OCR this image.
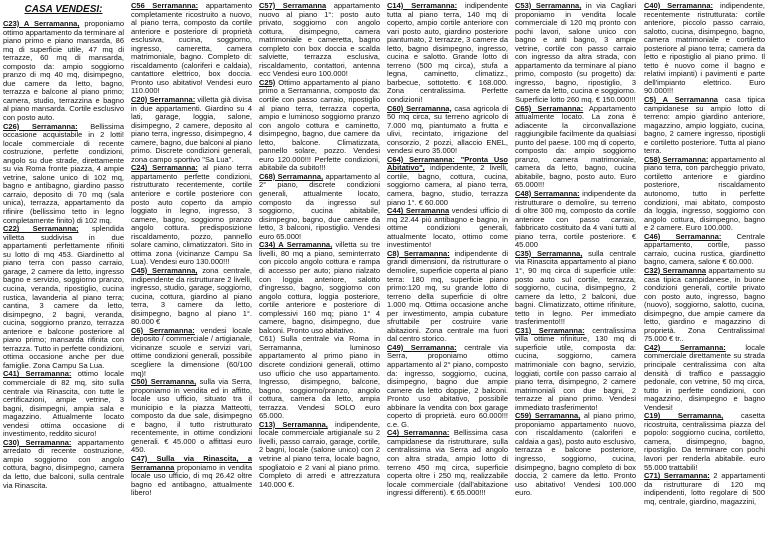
CASA VENDESI:

C23) A Serramanna, proponiamo ottimo appartamento da terminare al piano primo e piano mansarda, 86 mq di superficie utile, 47 mq di terrazze, 60 mq di mansarda, composto da: ampio soggiorno pranzo di mq 40 mq, disimpegno, due camere da letto, bagno, terrazza e balcone al piano primo; camera, studio, terrazzina e bagno al piano mansarda. Cortile esclusivo con posto auto.

C26) Serramanna: Bellissima occasione acquistabile in 2 lotti! locale commerciale di recente costruzione, perfette condizioni, angolo su due strade, direttamente su via Roma fronte piazza, 4 ampie vetrine, salone unico di 102 mq, bagno e antibagno, giardino passo carraio, deposito di 70 mq (sala unica), terrazza, appartamento da rifinire (bellissimo tetto in legno completamente finito) di 102 mq.

C22) Serramanna; splendida villetta suddivisa in due appartamenti perfettamente rifiniti su lotto di mq 453. Giardinetto al piano terra con passo carraio, garage, 2 camere da letto, ingresso bagno e servizio, soggiorno pranzo, cucina, veranda, ripostiglio, cucina rustica, lavanderia al piano terra; cantina, 3 camere da letto, disimpegno, 2 bagni, veranda, cucina, soggiorno pranzo, terrazza anteriore e balcone posteriore al piano primo; mansarda rifinita con terrazza. Tutto in perfette condizioni, ottima occasione anche per due famiglie. Zona Campu Sa Lua.

C41) Serramanna: ottimo locale commerciale di 82 mq, sito sulla centrale via Rinascita, con tutte le certificazioni, ampie vetrine, 3 bagni, disimpegni, ampia sala e magazzino. Attualmente locato vendesi ottima occasione di investimento, reddito sicuro!

C30) Serramanna: appartamento arredato di recente costruzione, ampio soggiorno con angolo cottura, bagno, disimpegno, camera da letto, due balconi, sulla centrale via Rinascita.

C56 Serramanna: appartamento completamente ricostruito a nuovo, al piano terra, composto da cortile anteriore e posteriore di proprietà esclusiva, cucina, soggiorno, ingresso, cameretta, camera matrimoniale, bagno. Completo di: riscaldamento (caloriferi e caldaia), cantattore elettrico, box doccia. Pronto uso abitativo! Vendesi euro 110.000!

C20) Serramanna: villetta già divisa in due appartamenti. Giardino su 4 lati, garage, loggia, salone, disimpegno, 2 camere, deposito al piano terra, ingresso, disimpegno, 4 camere, bagno, due balconi al piano primo. Discrete condizioni generali, zona campo sportivo "Sa Lua".

C24) Serramanna: al piano terra appartamento perfette condizioni, ristrutturato recentemente, cortile anteriore e cortile posteriore con posto auto coperto da ampio loggiato in legno, ingresso, 3 camere, bagno, soggiorno pranzo angolo cottura. predisposizione riscaldamento, pozzo, pannello solare camino, climatizzatori. Sito in ottima zona (vicinanze Campu Sa Lua). Vendesi euro 130.000!!!

C45) Serramanna, zona centrale, indipendente da ristrutturare 2 livelli, ingresso, studio, garage, soggiorno, cucina, cottura, giardino al piano terra, 3 camere da letto, disimpegno, bagno al piano 1°. 80.000 €

C6) Serramanna: vendesi locale deposito / commerciale / artigianale, vicinanze scuole e servizi vari, ottime condizioni generali, possibile scegliere la dimensione (60/100 mq)!

C50) Serramanna, sulla via Serra, proponiamo in vendita ed in affitto, locale uso ufficio, situato tra il municipio e la piazza Matteotti, composto da due sale, disimpegno e bagno, il tutto ristrutturato recentemente, in ottime condizioni generali. € 45.000 o affittasi euro 450.

C47) Sulla via Rinascita, a Serramanna proponiamo in vendita locale uso ufficio, di mq 26.42 oltre bagno ed antibagno, attualmente libero!

C57) Serramanna appartamento nuovo al piano 1°: posto auto privato, soggiorno con angolo cottura, disimpegno, camera matrimoniale e cameretta, bagno completo con box doccia e scalda salviette, terrazza esclusiva, riscaldamento, contattori, antenna ecc Vendesi euro 100.000!

C25) Ottimo appartamento al piano primo a Serramanna, composto da: cortile con passo carraio, ripostiglio al piano terra, terrazza coperta, ampio e luminoso soggiorno pranzo con angolo cottura e caminetto, disimpegno, bagno, due camere da letto, balcone. Climatizzata, pannello solare, pozzo. Vendesi euro 120.000!!! Perfette condizioni, abitabile da subito!!!

C68) Serramanna, appartamento al 2° piano, discrete condizioni generali, attualmente locato, composto da ingresso sul soggiorno, cucina abitabile, disimpegno, bagno, due camere da letto, 3 balconi, ripostiglio. Vendesi euro 65.000!

C34) A Serramanna, villetta su tre livelli, 80 mq a piano, seminterrato con piccolo angolo cottura e rampa di accesso per auto; piano rialzato con loggia anteriore, salotto d'ingresso, bagno, soggiorno con angolo cottura, loggia posteriore, cortile anteriore e posteriore di complessivi 160 mq; piano 1° 4 camere, bagno, disimpegno, due balconi. Pronto uso abitativo.

C61) Sulla centrale via Roma in Serramanna, luminoso appartamento al primo piano in discrete condizioni generali, ottimo uso ufficio che uso appartamento. Ingresso, disimpegno, balcone, bagno, soggiorno/pranzo, angolo cottura, camera da letto, ampia terrazza. Vendesi SOLO euro 65.000.

C13) Serramanna, indipendente, locale commerciale artigianale su 2 livelli, passo carraio, garage, cortile, 2 bagni, locale (salone unico) con 2 vetrine al piano terra, locale bagno, spogliatoio e 2 vani al piano primo. Completo di arredi e attrezzatura 140.000 €.

C14) Serramanna: indipendente tutta al piano terra, 140 mq di coperto, ampio cortile anteriore con vari posto auto, giardino posteriore piantumato, 2 terrazze, 3 camere da letto, bagno disimpegno, ingresso, cucina e salotto. Grande lotto di terreno (500 mq circa), stufa a legna, caminetto, climatizz., barbecue, sottotetto. € 168.000. Zona centralissima. Perfette condizioni!

C60) Serramanna, casa agricola di 50 mq circa, su terreno agricolo di 7.000 mq, piantumato a frutta e ulivi, recintato, irrigazione del consorzio, 2 pozzi, allaccio ENEL, vendesi euro 35.000!

C64) Serramanna: "Pronta Uso Abitativo", indipendente, 2 livelli, cortile, bagno, cottura, cucina, soggiorno camera, al piano terra, camera, bagno, studio, terrazza piano 1°. € 60.000

C44) Serramanna vendesi ufficio di mq 22.44 più antibagno e bagno, in ottime condizioni generali, attualmente locato, ottimo come investimento!

C8) Serramanna: indipendente di grandi dimensioni, da ristrutturare o demolire, superficie coperta al piano terra: 180 mq, superficie piano primo:120 mq, su grande lotto di terreno della superficie di oltre 1.000 mq. Ottima occasione anche per investimento, ampia cubature sfruttabile per costruire varie abitazioni. Zona centrale ma fuori dal centro storico.

C49) Serramanna: centrale via Serra, proponiamo ottimo appartamento al 2° piano, composto da: ingresso, soggiorno, cucina, disimpegno, bagno due ampie camere da letto doppie, 2 balconi. Pronto uso abitativo, possibile abbinare la vendita con box garage coperto di proprietà. euro 60.000!!! c.e. G.

C4) Serramanna: Bellissima casa campidanese da ristrutturare, sulla centralissima via Serra ad angolo con altra strada, ampio lotto di terreno 450 mq circa, superficie coperta oltre i 250 mq, realizzabile locale commerciale (dall'abitazione ingressi differenti). € 65.000!!!

C53) Serramanna, in via Cagliari proponiamo in vendita locale commerciale di 120 mq pronto con pochi lavori, salone unico con bagno e anti bagno, 3 ampie vetrine, cortile con passo carraio con ingresso da altra strada, con appartamento da terminare al piano primo, composto (su progetto) da: ingresso, bagno, ripostiglio, 3 camere da letto, cucina e soggiorno. Superficie lotto 260 mq. € 150.000!!!

C65) Serramanna: Appartamento attualmente locato. La zona è adiacente la circonvallazione raggiungibile facilmente da qualsiasi punto del paese. 100 mq di coperto, composto da: ampio soggiorno pranzo, camera matrimoniale, camera da letto, bagno, cucina abitabile, bagno, posto auto. Euro 65.000!!!

C48) Serramanna: indipendente da ristrutturare o demolire, su terreno di oltre 300 mq, composto da cortile anteriore con passo carraio, fabbricato costituito da 4 vani tutti al piano terra, cortile posteriore. € 45.000

C35) Serramanna, sulla centrale via Rinascita appartamento al piano 1°, 90 mq circa di superficie utile: posto auto sul cortile, terrazza, soggiorno, cucina, disimpegno, 2 camere da letto, 2 balconi, due bagni. Climatizzato, ottime rifiniture, tetto in legno. Per immediato trasferimento!!!

C31) Serramanna: centralissima villa ottime rifiniture, 130 mq di superficie utile, composta da: cucina, soggiorno, camera matrimoniale con bagno, servizio, loggiati, cortile con passo carraio al piano terra, disimpegno, 2 camere matrimoniali con due bagni, 2 terrazze al piano primo. Vendesi immediato trasferimento!

C59) Serramanna, al piano primo, proponiamo appartamento nuovo, con riscaldamento (caloriferi e caldaia a gas), posto auto esclusivo, terrazza e balcone posteriore, ingresso, soggiorno, cucina, disimpegno, bagno completo di box doccia, 2 camere da letto. Pronto uso abitativo! Vendesi 100.000 euro.

C40) Serramanna: indipendente, recentemente ristrutturata: cortile anteriore, piccolo passo carraio, salotto, cucina, disimpegno, bagno, camera matrimoniale e cortiletto posteriore al piano terra; camera da letto e ripostiglio al piano primo. Il tetto è nuovo come il bagno e relativi impianti) i pavimenti e parte dell'impianto elettrico. Euro 90.000!!!

C5) A Serramanna casa tipica campidanese su ampio lotto di terreno: ampio giardino anteriore, magazzino, ampio loggiato, cucina, bagno, 2 camere ingresso, ripostigli e cortiletto posteriore. Tutta al piano terra.

C58) Serramanna: appartamento al piano terra, con parcheggio privato, cortiletto anteriore e giardino posteriore, riscaldamento autonomo, tutto in perfette condizioni, mai abitato, composto da loggia, ingresso, soggiorno con angolo cottura, disimpegno, bagno e 2 camere. Euro 100.000.

C46) Serramanna: Centrale appartamento, cortile, passo carraio, cucina rustica, giardinetto bagno, camera, salone € 60.000.

C32) Serramanna appartamento su casa tipica campidanese, in buone condizioni generali, cortile privato con posto auto, ingresso, bagno (nuovo), soggiorno, salotto, cucina, disimpegno, due ampie camere da letto, giardino e magazzino di proprietà. Zona Centralissima! 75.000 € tr..

C42) Serramanna: locale commerciale direttamente su strada principale centralissima con alta densità di traffico e passaggio pedonale, con vetrine, 50 mq circa, tutto in perfette condizioni, con magazzino, disimpegno e bagno Vendesi!

C19) Serramanna, casetta ricostruita, centralissima piazza del popolo: soggiorno cucina, cortiletto, camera, disimpegno, bagno, ripostiglio. Da terminare con pochi lavori per renderla abitabile. euro 55.000 trattabili!

C71) Serramanna: 2 appartamenti da ristrutturare di 120 mq indipendenti, lotto regolare di 500 mq, centrale, giardino, magazzini,
